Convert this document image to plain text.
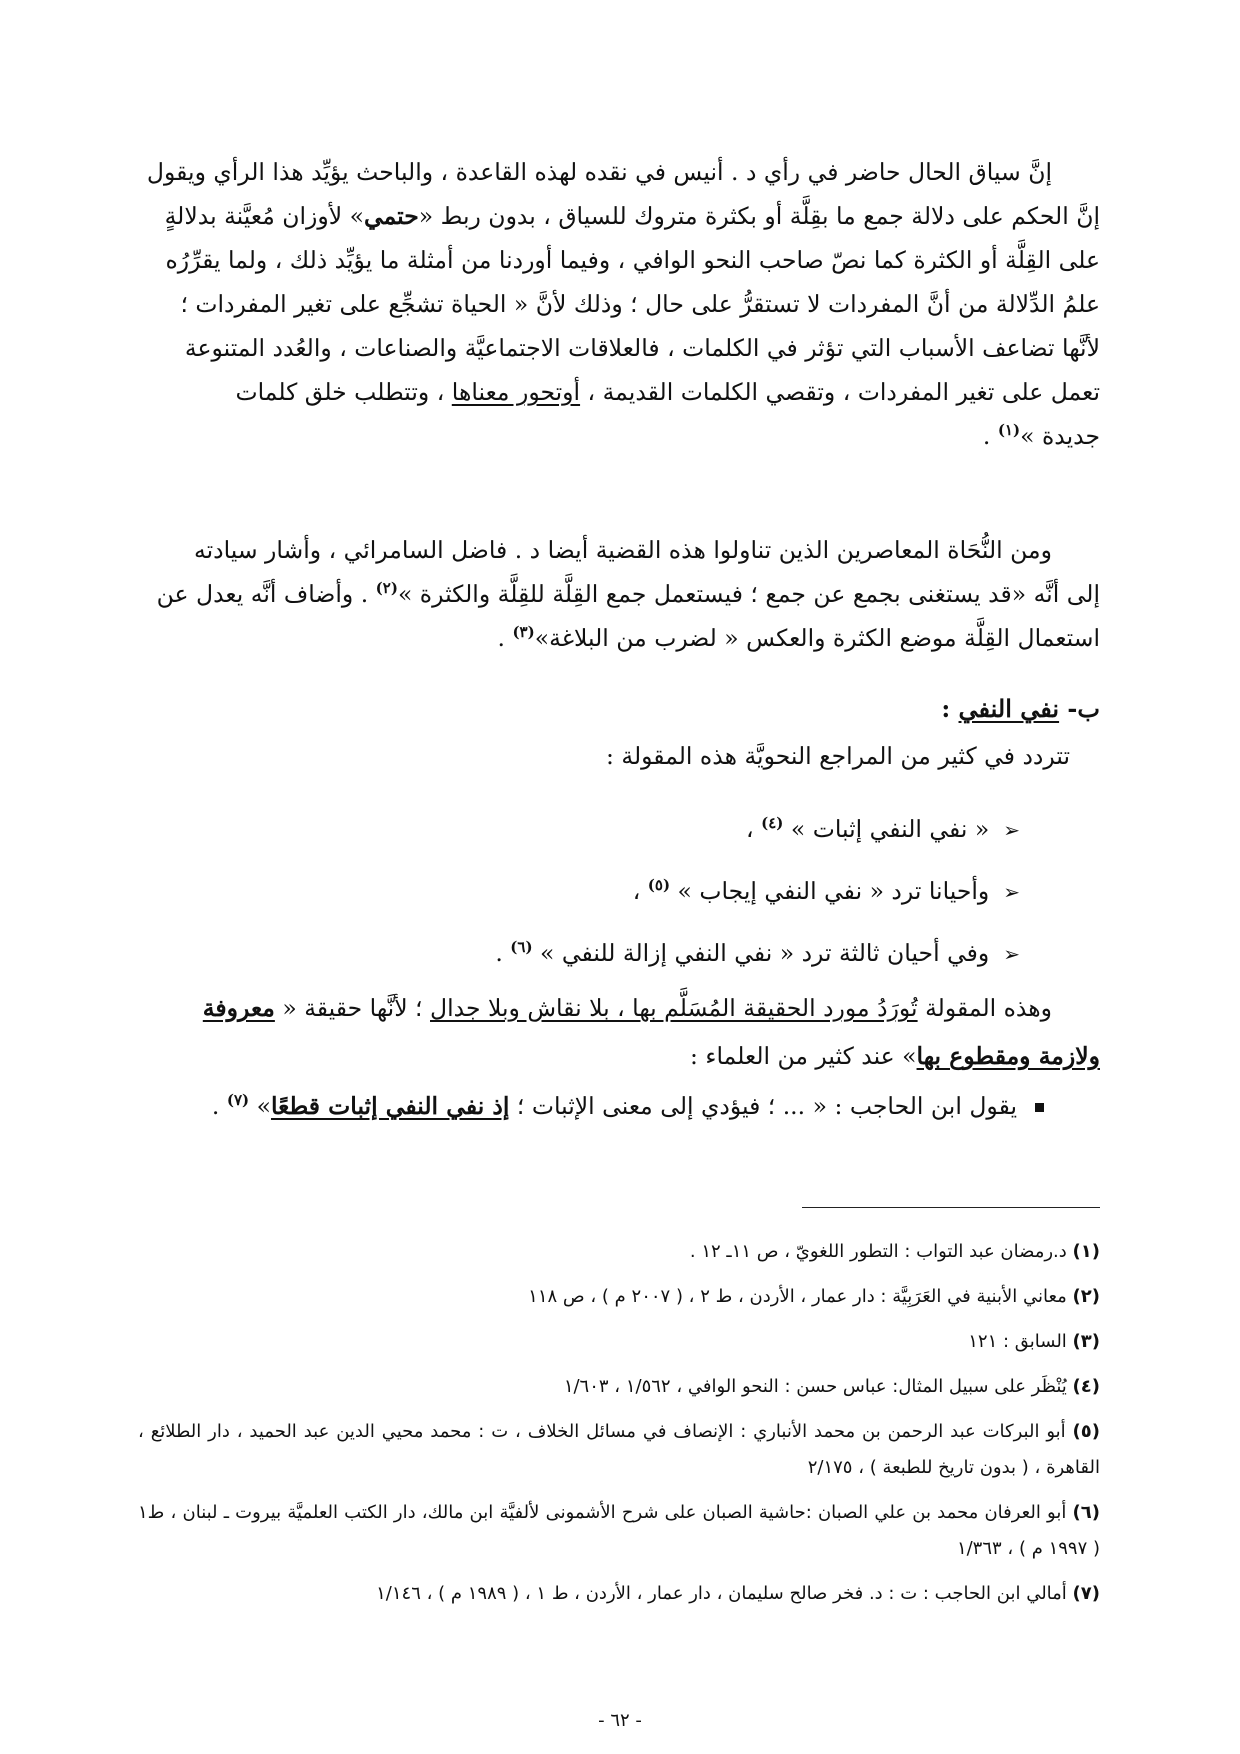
إنَّ سياق الحال حاضر في رأي د . أنيس في نقده لهذه القاعدة ، والباحث يؤيِّد هذا الرأي ويقول
إنَّ الحكم على دلالة جمع ما بقِلَّة أو بكثرة متروك للسياق ، بدون ربط «حتمي» لأوزان مُعيَّنة بدلالةٍ
على القِلَّة أو الكثرة كما نصّ صاحب النحو الوافي ، وفيما أوردنا من أمثلة ما يؤيِّد ذلك ، ولما يقرِّرُه
علمُ الدِّلالة من أنَّ المفردات لا تستقرُّ على حال ؛ وذلك لأنَّ « الحياة تشجِّع على تغير المفردات ؛
لأنَّها تضاعف الأسباب التي تؤثر في الكلمات ، فالعلاقات الاجتماعيَّة والصناعات ، والعُدد المتنوعة
تعمل على تغير المفردات ، وتقصي الكلمات القديمة ، أوتحور معناها ، وتتطلب خلق كلمات
جديدة »$^{(١)}$ .
ومن النُّحَاة المعاصرين الذين تناولوا هذه القضية أيضا د . فاضل السامرائي ، وأشار سيادته
إلى أنَّه «قد يستغنى بجمع عن جمع ؛ فيستعمل جمع القِلَّة للقِلَّة والكثرة »$^{(٢)}$ . وأضاف أنَّه يعدل عن
استعمال القِلَّة موضع الكثرة والعكس « لضرب من البلاغة»$^{(٣)}$ .
ب- نفي النفي :
تتردد في كثير من المراجع النحويَّة هذه المقولة :
➢« نفي النفي إثبات » $^{(٤)}$ ،
➢وأحيانا ترد « نفي النفي إيجاب » $^{(٥)}$ ،
➢وفي أحيان ثالثة ترد « نفي النفي إزالة للنفي » $^{(٦)}$ .
وهذه المقولة تُورَدُ مورد الحقيقة المُسَلَّم بها ، بلا نقاش وبلا جدال ؛ لأنَّها حقيقة « معروفة ولازمة ومقطوع بها» عند كثير من العلماء :
يقول ابن الحاجب : « ... ؛ فيؤدي إلى معنى الإثبات ؛ إذ نفي النفي إثبات قطعًا» $^{(٧)}$ .
(١) د.رمضان عبد التواب : التطور اللغويّ ، ص ١١ـ ١٢ .
(٢) معاني الأبنية في العَرَبِيَّة : دار عمار ، الأردن ، ط ٢ ، ( ٢٠٠٧ م ) ، ص ١١٨
(٣) السابق : ١٢١
(٤) يُنْظَر على سبيل المثال: عباس حسن : النحو الوافي ، ١/٥٦٢ ، ١/٦٠٣
(٥) أبو البركات عبد الرحمن بن محمد الأنباري : الإنصاف في مسائل الخلاف ، ت : محمد محيي الدين عبد الحميد ، دار الطلائع ، القاهرة ، ( بدون تاريخ للطبعة ) ، ٢/١٧٥
(٦) أبو العرفان محمد بن علي الصبان :حاشية الصبان على شرح الأشمونى لألفيَّة ابن مالك، دار الكتب العلميَّة بيروت ـ لبنان ، ط١ ( ١٩٩٧ م ) ، ١/٣٦٣
(٧) أمالي ابن الحاجب : ت : د. فخر صالح سليمان ، دار عمار ، الأردن ، ط ١ ، ( ١٩٨٩ م ) ، ١/١٤٦
- ٦٢ -
